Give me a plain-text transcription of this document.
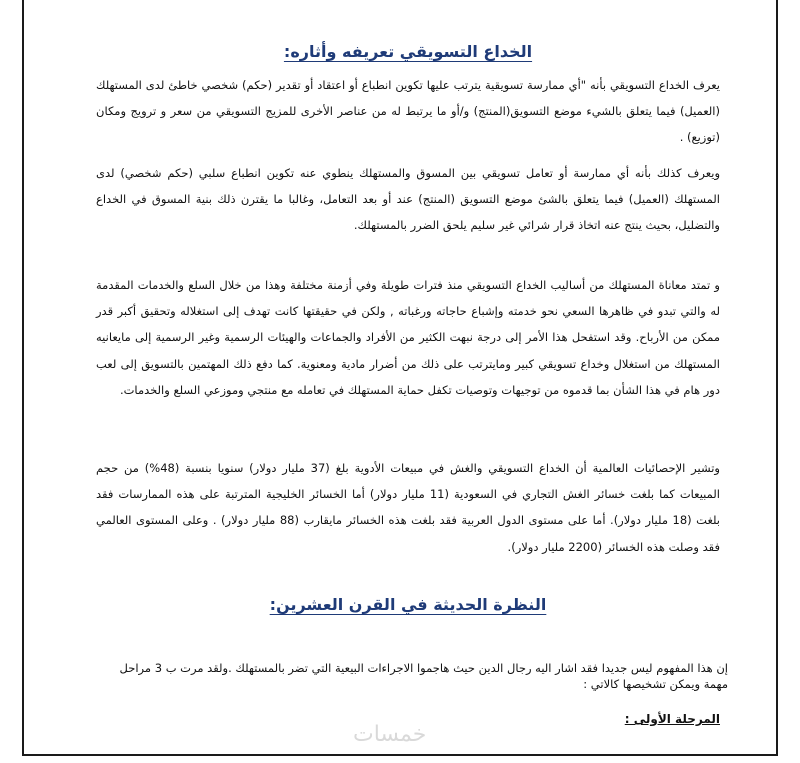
الخداع التسويقي تعريفه وأثاره:

يعرف الخداع التسويقي بأنه "أي ممارسة تسويقية يترتب عليها تكوين انطباع أو اعتقاد أو تقدير (حكم) شخصي خاطئ لدى المستهلك (العميل) فيما يتعلق بالشيء موضع التسويق(المنتج) و/أو ما يرتبط له من عناصر الأخرى للمزيج التسويقي من سعر و ترويج ومكان (توزيع) .

ويعرف كذلك بأنه أي ممارسة أو تعامل تسويقي بين المسوق والمستهلك ينطوي عنه تكوين انطباع سلبي (حكم شخصي) لدى المستهلك (العميل) فيما يتعلق بالشئ موضع التسويق (المنتج) عند أو بعد التعامل، وغالبا ما يقترن ذلك بنية المسوق في الخداع والتضليل، بحيث ينتج عنه اتخاذ قرار شرائي غير سليم يلحق الضرر بالمستهلك.

و تمتد معاناة المستهلك من أساليب الخداع التسويقي منذ فترات طويلة وفي أزمنة مختلفة وهذا من خلال السلع والخدمات المقدمة له والتي تبدو في ظاهرها السعي نحو خدمته وإشباع حاجاته ورغباته , ولكن في حقيقتها كانت تهدف إلى استغلاله وتحقيق أكبر قدر ممكن من الأرباح. وقد استفحل هذا الأمر إلى درجة نبهت الكثير من الأفراد والجماعات والهيئات الرسمية وغير الرسمية إلى مايعانيه المستهلك من استغلال وخداع تسويقي كبير ومايترتب على ذلك من أضرار مادية ومعنوية. كما دفع ذلك المهتمين بالتسويق إلى لعب دور هام في هذا الشأن بما قدموه من توجيهات وتوصيات تكفل حماية المستهلك في تعامله مع منتجي وموزعي السلع والخدمات.

وتشير الإحصائيات العالمية أن الخداع التسويقي والغش في مبيعات الأدوية بلغ (37 مليار دولار) سنويا بنسبة (48%) من حجم المبيعات كما بلغت خسائر الغش التجاري في السعودية (11 مليار دولار) أما الخسائر الخليجية المترتبة على هذه الممارسات فقد بلغت (18 مليار دولار). أما على مستوى الدول العربية فقد بلغت هذه الخسائر مايقارب (88 مليار دولار) . وعلى المستوى العالمي فقد وصلت هذه الخسائر (2200 مليار دولار).

النظرة الحديثة في القرن العشرين:

إن هذا المفهوم ليس جديدا فقد اشار اليه رجال الدين حيث هاجموا الاجراءات البيعية التي تضر بالمستهلك .ولقد مرت ب 3 مراحل مهمة ويمكن تشخيصها كالاتي :

المرحلة الأولى :
خمسات
